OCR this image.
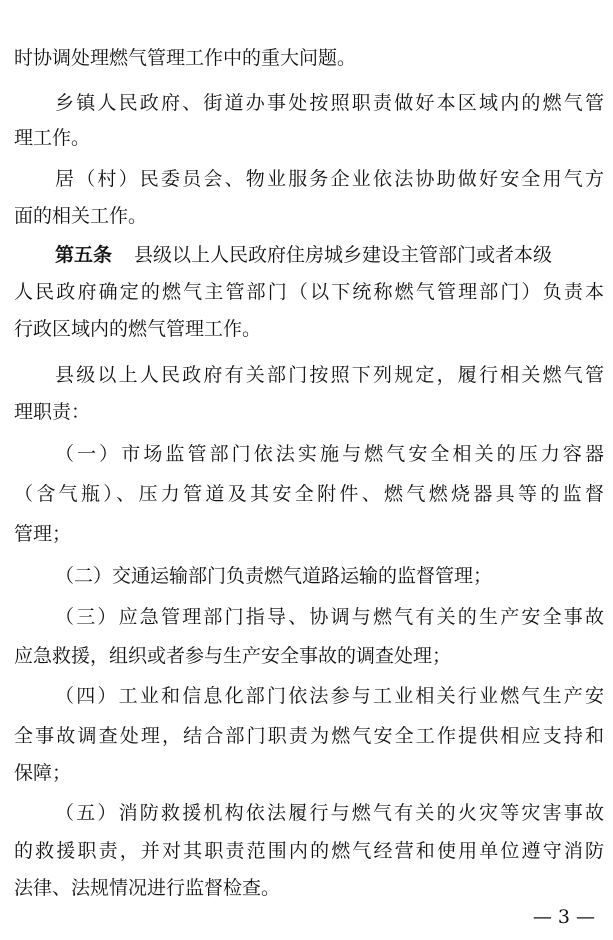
时协调处理燃气管理工作中的重大问题。
乡镇人民政府、街道办事处按照职责做好本区域内的燃气管
理工作。
居（村）民委员会、物业服务企业依法协助做好安全用气方
面的相关工作。
第五条 县级以上人民政府住房城乡建设主管部门或者本级
人民政府确定的燃气主管部门（以下统称燃气管理部门）负责本
行政区域内的燃气管理工作。
县级以上人民政府有关部门按照下列规定，履行相关燃气管
理职责：
（一）市场监管部门依法实施与燃气安全相关的压力容器
（含气瓶）、压力管道及其安全附件、燃气燃烧器具等的监督
管理；
（二）交通运输部门负责燃气道路运输的监督管理；
（三）应急管理部门指导、协调与燃气有关的生产安全事故
应急救援，组织或者参与生产安全事故的调查处理；
（四）工业和信息化部门依法参与工业相关行业燃气生产安
全事故调查处理，结合部门职责为燃气安全工作提供相应支持和
保障；
（五）消防救援机构依法履行与燃气有关的火灾等灾害事故
的救援职责，并对其职责范围内的燃气经营和使用单位遵守消防
法律、法规情况进行监督检查。
— 3 —
